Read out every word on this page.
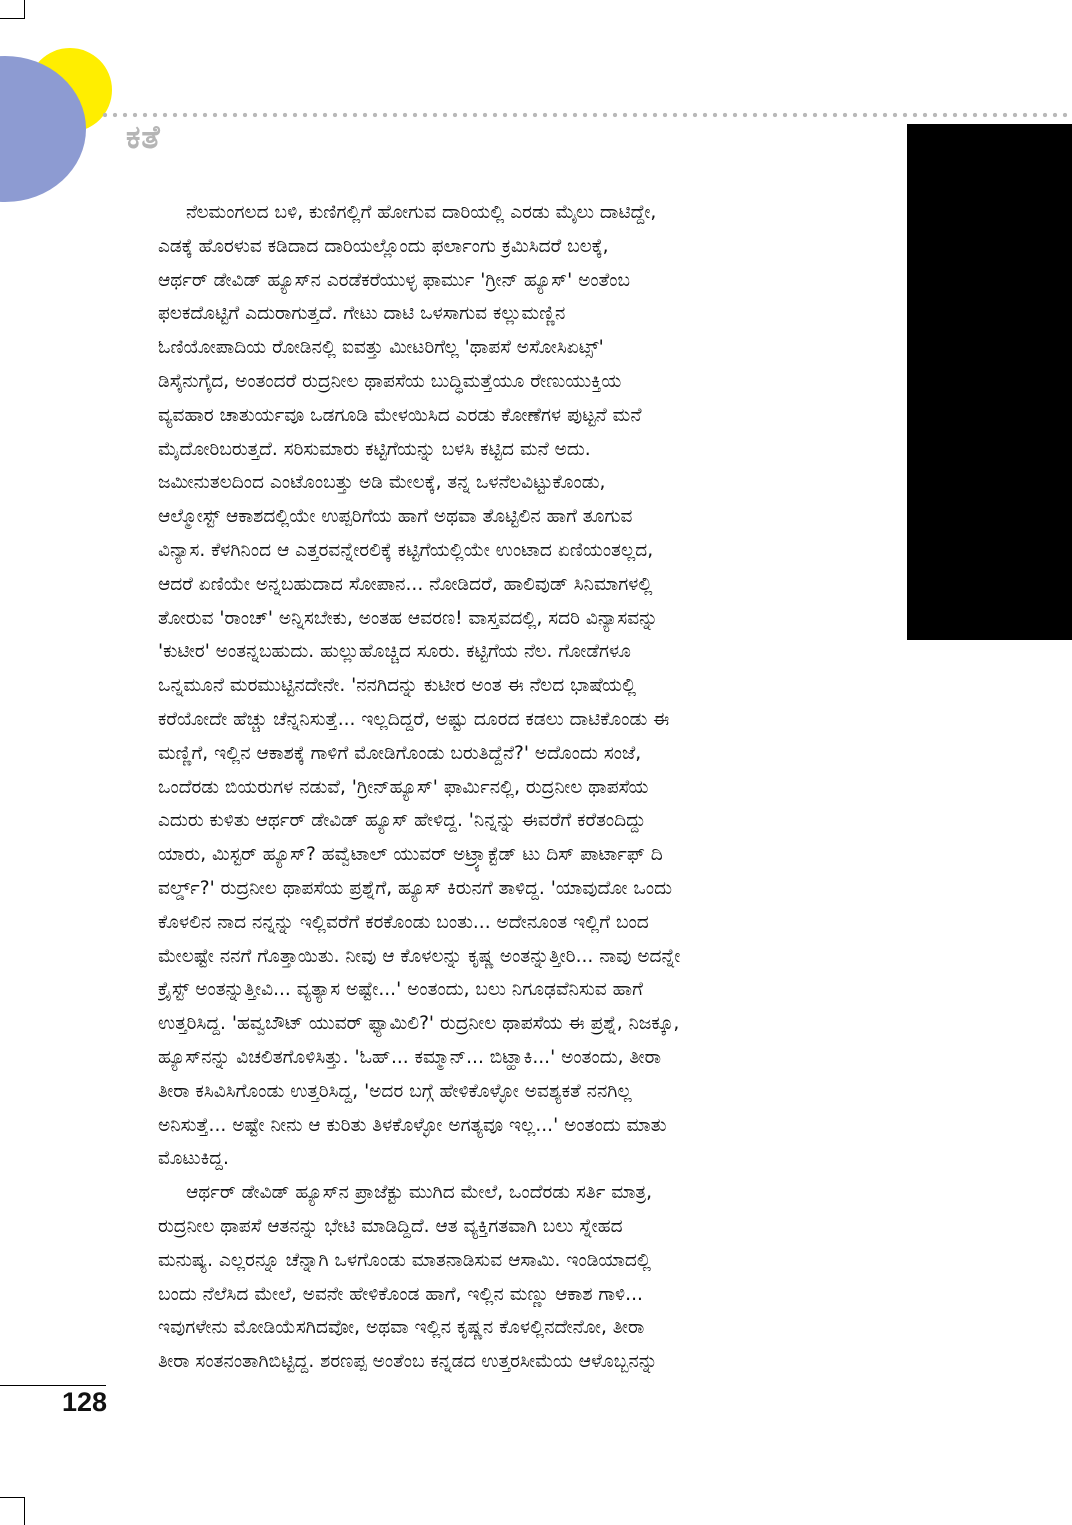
ಕತೆ

ನೆಲಮಂಗಲದ ಬಳಿ, ಕುಣಿಗಲ್ಲಿಗೆ ಹೋಗುವ ದಾರಿಯಲ್ಲಿ ಎರಡು ಮೈಲು ದಾಟಿದ್ದೇ,
ಎಡಕ್ಕೆ ಹೊರಳುವ ಕಡಿದಾದ ದಾರಿಯಲ್ಲೊಂದು ಫರ್ಲಾಂಗು ಕ್ರಮಿಸಿದರೆ ಬಲಕ್ಕೆ,
ಆರ್ಥರ್ ಡೇವಿಡ್ ಹ್ಯೂಸ್‌ನ ಎರಡೆಕರೆಯುಳ್ಳ ಫಾರ್ಮು 'ಗ್ರೀನ್ ಹ್ಯೂಸ್' ಅಂತೆಂಬ
ಫಲಕದೊಟ್ಟಿಗೆ ಎದುರಾಗುತ್ತದೆ. ಗೇಟು ದಾಟಿ ಒಳಸಾಗುವ ಕಲ್ಲುಮಣ್ಣಿನ
ಓಣಿಯೋಪಾದಿಯ ರೋಡಿನಲ್ಲಿ ಐವತ್ತು ಮೀಟರಿಗೆಲ್ಲ 'ಥಾಪಸೆ ಅಸೋಸಿಏಟ್ಸ್'
ಡಿಸೈನುಗೈದ, ಅಂತಂದರೆ ರುದ್ರನೀಲ ಥಾಪಸೆಯ ಬುದ್ಧಿಮತ್ತೆಯೂ ರೇಣುಯುಕ್ತಿಯ
ವ್ಯವಹಾರ ಚಾತುರ್ಯವೂ ಒಡಗೂಡಿ ಮೇಳಯಿಸಿದ ಎರಡು ಕೋಣೆಗಳ ಪುಟ್ಟನೆ ಮನೆ
ಮೈದೋರಿಬರುತ್ತದೆ. ಸರಿಸುಮಾರು ಕಟ್ಟಿಗೆಯನ್ನು ಬಳಸಿ ಕಟ್ಟಿದ ಮನೆ ಅದು.
ಜಮೀನುತಲದಿಂದ ಎಂಟೊಂಬತ್ತು ಅಡಿ ಮೇಲಕ್ಕೆ, ತನ್ನ ಒಳನೆಲವಿಟ್ಟುಕೊಂಡು,
ಆಲ್ಮೋಸ್ಟ್ ಆಕಾಶದಲ್ಲಿಯೇ ಉಪ್ಪರಿಗೆಯ ಹಾಗೆ ಅಥವಾ ತೊಟ್ಟಿಲಿನ ಹಾಗೆ ತೂಗುವ
ವಿನ್ಯಾಸ. ಕೆಳಗಿನಿಂದ ಆ ಎತ್ತರವನ್ನೇರಲಿಕ್ಕೆ ಕಟ್ಟಿಗೆಯಲ್ಲಿಯೇ ಉಂಟಾದ ಏಣಿಯಂತಲ್ಲದ,
ಆದರೆ ಏಣಿಯೇ ಅನ್ನಬಹುದಾದ ಸೋಪಾನ... ನೋಡಿದರೆ, ಹಾಲಿವುಡ್ ಸಿನಿಮಾಗಳಲ್ಲಿ
ತೋರುವ 'ರಾಂಚ್' ಅನ್ನಿಸಬೇಕು, ಅಂತಹ ಆವರಣ! ವಾಸ್ತವದಲ್ಲಿ, ಸದರಿ ವಿನ್ಯಾಸವನ್ನು
'ಕುಟೀರ' ಅಂತನ್ನಬಹುದು. ಹುಲ್ಲುಹೊಚ್ಚಿದ ಸೂರು. ಕಟ್ಟಿಗೆಯ ನೆಲ. ಗೋಡೆಗಳೂ
ಒನ್ನಮೂನೆ ಮರಮುಟ್ಟಿನದೇನೇ. 'ನನಗಿದನ್ನು ಕುಟೀರ ಅಂತ ಈ ನೆಲದ ಭಾಷೆಯಲ್ಲಿ
ಕರೆಯೋದೇ ಹೆಚ್ಚು ಚೆನ್ನನಿಸುತ್ತೆ... ಇಲ್ಲದಿದ್ದರೆ, ಅಷ್ಟು ದೂರದ ಕಡಲು ದಾಟಿಕೊಂಡು ಈ
ಮಣ್ಣಿಗೆ, ಇಲ್ಲಿನ ಆಕಾಶಕ್ಕೆ ಗಾಳಿಗೆ ಮೋಡಿಗೊಂಡು ಬರುತಿದ್ದೆನೆ?' ಅದೊಂದು ಸಂಜೆ,
ಒಂದೆರಡು ಬಿಯರುಗಳ ನಡುವೆ, 'ಗ್ರೀನ್‌ಹ್ಯೂಸ್' ಫಾರ್ಮಿನಲ್ಲಿ, ರುದ್ರನೀಲ ಥಾಪಸೆಯ
ಎದುರು ಕುಳಿತು ಆರ್ಥರ್ ಡೇವಿಡ್ ಹ್ಯೂಸ್ ಹೇಳಿದ್ದ. 'ನಿನ್ನನ್ನು ಈವರೆಗೆ ಕರೆತಂದಿದ್ದು
ಯಾರು, ಮಿಸ್ಟರ್ ಹ್ಯೂಸ್? ಹವ್ವೆಟಾಲ್ ಯುವರ್ ಅಟ್ರ್ಯಾಕ್ಟೆಡ್ ಟು ದಿಸ್ ಪಾರ್ಟಾಫ್ ದಿ
ವರ್ಲ್ಡ್?' ರುದ್ರನೀಲ ಥಾಪಸೆಯ ಪ್ರಶ್ನೆಗೆ, ಹ್ಯೂಸ್ ಕಿರುನಗೆ ತಾಳಿದ್ದ. 'ಯಾವುದೋ ಒಂದು
ಕೊಳಲಿನ ನಾದ ನನ್ನನ್ನು ಇಲ್ಲಿವರೆಗೆ ಕರಕೊಂಡು ಬಂತು... ಅದೇನೂಂತ ಇಲ್ಲಿಗೆ ಬಂದ
ಮೇಲಷ್ಟೇ ನನಗೆ ಗೊತ್ತಾಯಿತು. ನೀವು ಆ ಕೊಳಲನ್ನು ಕೃಷ್ಣ ಅಂತನ್ನುತ್ತೀರಿ... ನಾವು ಅದನ್ನೇ
ಕ್ರೈಸ್ಟ್ ಅಂತನ್ನುತ್ತೀವಿ... ವ್ಯತ್ಯಾಸ ಅಷ್ಟೇ...' ಅಂತಂದು, ಬಲು ನಿಗೂಢವೆನಿಸುವ ಹಾಗೆ
ಉತ್ತರಿಸಿದ್ದ. 'ಹವ್ವಬೌಟ್ ಯುವರ್ ಫ್ಯಾಮಿಲಿ?' ರುದ್ರನೀಲ ಥಾಪಸೆಯ ಈ ಪ್ರಶ್ನೆ, ನಿಜಕ್ಕೂ,
ಹ್ಯೂಸ್‌ನನ್ನು ವಿಚಲಿತಗೊಳಿಸಿತ್ತು. 'ಓಹ್... ಕಮ್ಮಾನ್... ಬಿಟ್ಹಾಕಿ...' ಅಂತಂದು, ತೀರಾ
ತೀರಾ ಕಸಿವಿಸಿಗೊಂಡು ಉತ್ತರಿಸಿದ್ದ, 'ಅದರ ಬಗ್ಗೆ ಹೇಳಿಕೊಳ್ಳೋ ಅವಶ್ಯಕತೆ ನನಗಿಲ್ಲ
ಅನಿಸುತ್ತೆ... ಅಷ್ಟೇ ನೀನು ಆ ಕುರಿತು ತಿಳಕೊಳ್ಳೋ ಅಗತ್ಯವೂ ಇಲ್ಲ...' ಅಂತಂದು ಮಾತು
ಮೊಟುಕಿದ್ದ.

ಆರ್ಥರ್ ಡೇವಿಡ್ ಹ್ಯೂಸ್‌ನ ಪ್ರಾಜೆಕ್ಟು ಮುಗಿದ ಮೇಲೆ, ಒಂದೆರಡು ಸರ್ತಿ ಮಾತ್ರ,
ರುದ್ರನೀಲ ಥಾಪಸೆ ಆತನನ್ನು ಭೇಟಿ ಮಾಡಿದ್ದಿದೆ. ಆತ ವ್ಯಕ್ತಿಗತವಾಗಿ ಬಲು ಸ್ನೇಹದ
ಮನುಷ್ಯ. ಎಲ್ಲರನ್ನೂ ಚೆನ್ನಾಗಿ ಒಳಗೊಂಡು ಮಾತನಾಡಿಸುವ ಆಸಾಮಿ. ಇಂಡಿಯಾದಲ್ಲಿ
ಬಂದು ನೆಲೆಸಿದ ಮೇಲೆ, ಅವನೇ ಹೇಳಿಕೊಂಡ ಹಾಗೆ, ಇಲ್ಲಿನ ಮಣ್ಣು ಆಕಾಶ ಗಾಳಿ...
ಇವುಗಳೇನು ಮೋಡಿಯೆಸಗಿದವೋ, ಅಥವಾ ಇಲ್ಲಿನ ಕೃಷ್ಣನ ಕೊಳಲ್ಲಿನದೇನೋ, ತೀರಾ
ತೀರಾ ಸಂತನಂತಾಗಿಬಿಟ್ಟಿದ್ದ. ಶರಣಪ್ಪ ಅಂತೆಂಬ ಕನ್ನಡದ ಉತ್ತರಸೀಮೆಯ ಆಳೊಬ್ಬನನ್ನು

128
